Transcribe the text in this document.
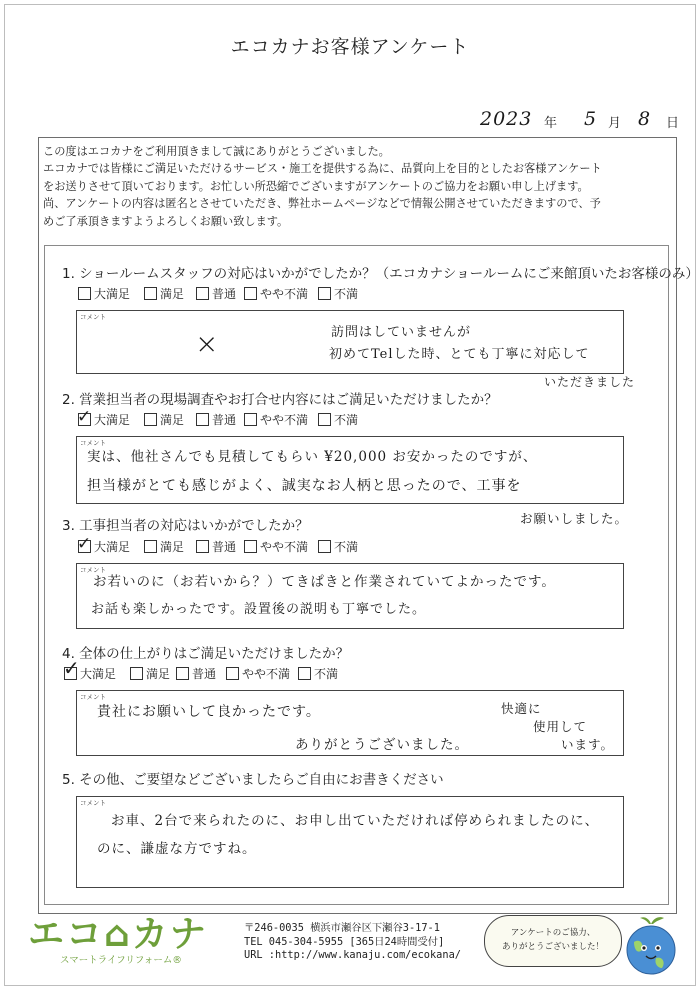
エコカナお客様アンケート
2023 年 5 月 8 日
この度はエコカナをご利用頂きまして誠にありがとうございました。
エコカナでは皆様にご満足いただけるサービス・施工を提供する為に、品質向上を目的としたお客様アンケート
をお送りさせて頂いております。お忙しい所恐縮でございますがアンケートのご協力をお願い申し上げます。
尚、アンケートの内容は匿名とさせていただき、弊社ホームページなどで情報公開させていただきますので、予
めご了承頂きますようよろしくお願い致します。
1. ショールームスタッフの対応はいかがでしたか？（エコカナショールームにご来館頂いたお客様のみ）
大満足 満足 普通 やや不満 不満
コメント
×	訪問はしていませんが
初めてTelした時、とても丁寧に対応して
いただきました
2. 営業担当者の現場調査やお打合せ内容にはご満足いただけましたか？
✓ 大満足 満足 普通 やや不満 不満
コメント
実は、他社さんでも見積してもらい ¥20,000 お安かったのですが、
担当様がとても感じがよく、誠実なお人柄と思ったので、工事を
お願いしました。
3. 工事担当者の対応はいかがでしたか？
✓ 大満足 満足 普通 やや不満 不満
コメント
お若いのに（お若いから？）てきぱきと作業されていてよかったです。
お話も楽しかったです。設置後の説明も丁寧でした。
4. 全体の仕上がりはご満足いただけましたか？
✓ 大満足 満足 普通 やや不満 不満
コメント
貴社にお願いして良かったです。	快適に
使用して
います。
ありがとうございました。
5. その他、ご要望などございましたらご自由にお書きください
コメント
お車、2台で来られたのに、お申し出ていただければ停められましたのに、
のに、謙虚な方ですね。
エコ⌂カナ
スマートライフリフォーム®
〒246-0035 横浜市瀬谷区下瀬谷3-17-1
TEL 045-304-5955 [365日24時間受付]
URL :http://www.kanaju.com/ecokana/
アンケートのご協力、
ありがとうございました！
